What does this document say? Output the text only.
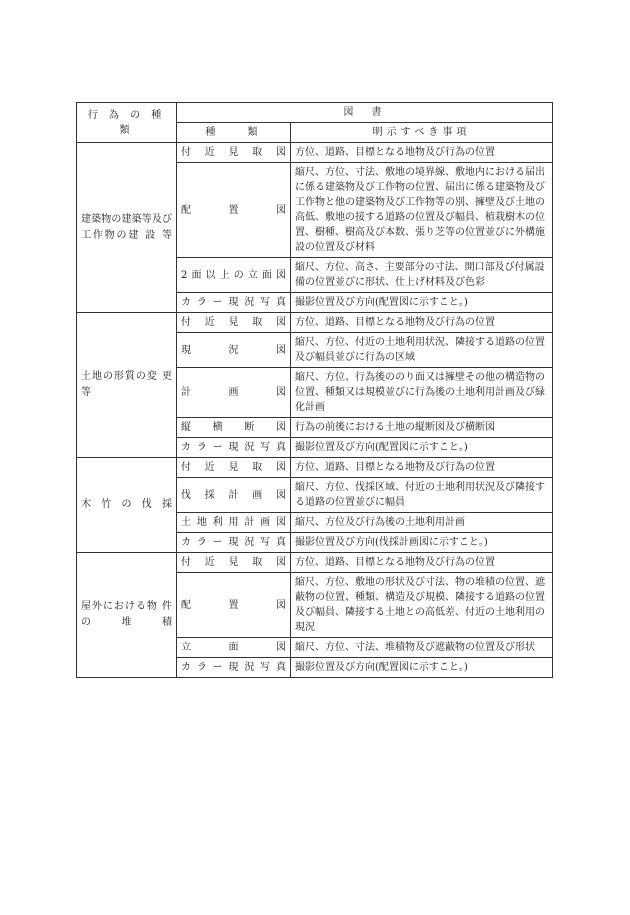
行 為 の 種 類	図　書	
	種　　類	明示すべき事項
建築物の建築等及び工作物の建 設 等	付 近 見 取 図	方位、道路、目標となる地物及び行為の位置
	配 置 図	縮尺、方位、寸法、敷地の境界線、敷地内における届出に係る建築物及び工作物の位置、届出に係る建築物及び工作物と他の建築物及び工作物等の別、擁壁及び土地の高低、敷地の接する道路の位置及び幅員、植栽樹木の位置、樹種、樹高及び本数、張り芝等の位置並びに外構施設の位置及び材料
	2面以上の立面図	縮尺、方位、高さ、主要部分の寸法、開口部及び付属設備の位置並びに形状、仕上げ材料及び色彩
	カラー現況写真	撮影位置及び方向(配置図に示すこと。)
土地の形質の変 更 等	付 近 見 取 図	方位、道路、目標となる地物及び行為の位置
	現 況 図	縮尺、方位、付近の土地利用状況、隣接する道路の位置及び幅員並びに行為の区域
	計 画 図	縮尺、方位、行為後ののり面又は擁壁その他の構造物の位置、種類又は規模並びに行為後の土地利用計画及び緑化計画
	縦 横 断 図	行為の前後における土地の縦断図及び横断図
	カラー現況写真	撮影位置及び方向(配置図に示すこと。)
木竹の伐採	付 近 見 取 図	方位、道路、目標となる地物及び行為の位置
	伐 採 計 画 図	縮尺、方位、伐採区域、付近の土地利用状況及び隣接する道路の位置並びに幅員
	土地利用計画図	縮尺、方位及び行為後の土地利用計画
	カラー現況写真	撮影位置及び方向(伐採計画図に示すこと。)
屋外における物 件 の 堆 積	付 近 見 取 図	方位、道路、目標となる地物及び行為の位置
	配 置 図	縮尺、方位、敷地の形状及び寸法、物の堆積の位置、遮蔽物の位置、種類、構造及び規模、隣接する道路の位置及び幅員、隣接する土地との高低差、付近の土地利用の現況
	立 面 図	縮尺、方位、寸法、堆積物及び遮蔽物の位置及び形状
	カラー現況写真	撮影位置及び方向(配置図に示すこと。)
